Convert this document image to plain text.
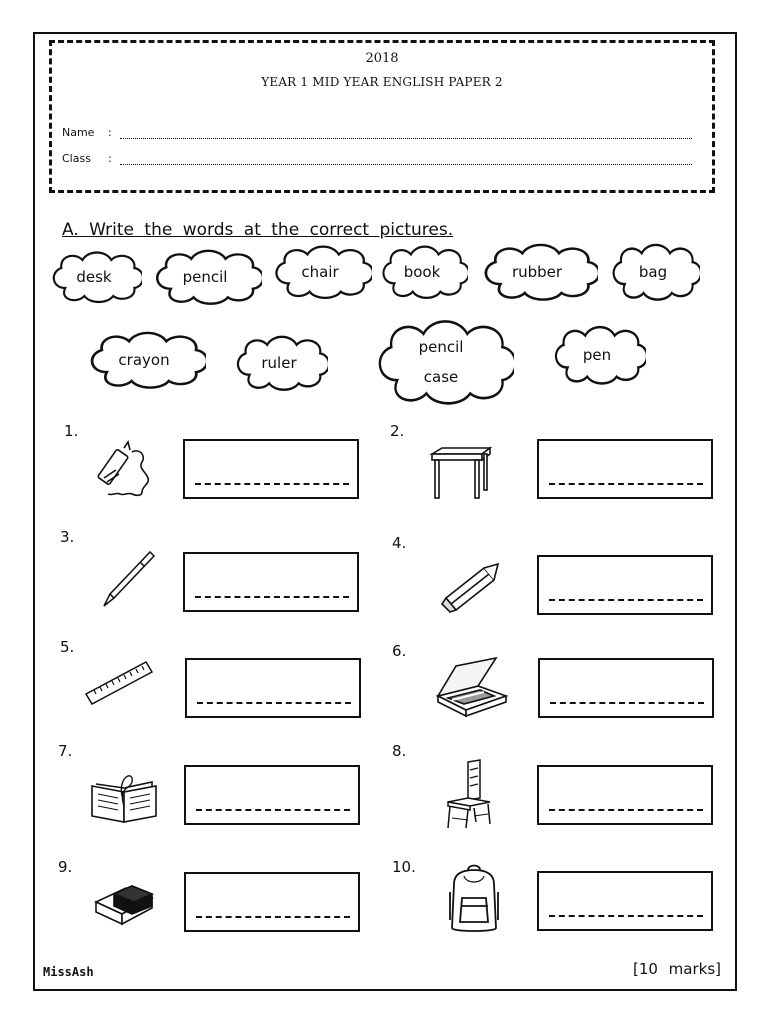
2018
YEAR 1 MID YEAR ENGLISH PAPER 2
Name	:
Class	:
A. Write the words at the correct pictures.
desk	pencil	chair	book	rubber	bag
crayon	ruler
pencil
case
pen
1.	2.
3.	4.
5.	6.
7.	8.
9.	10.
MissAsh	[10 marks]
